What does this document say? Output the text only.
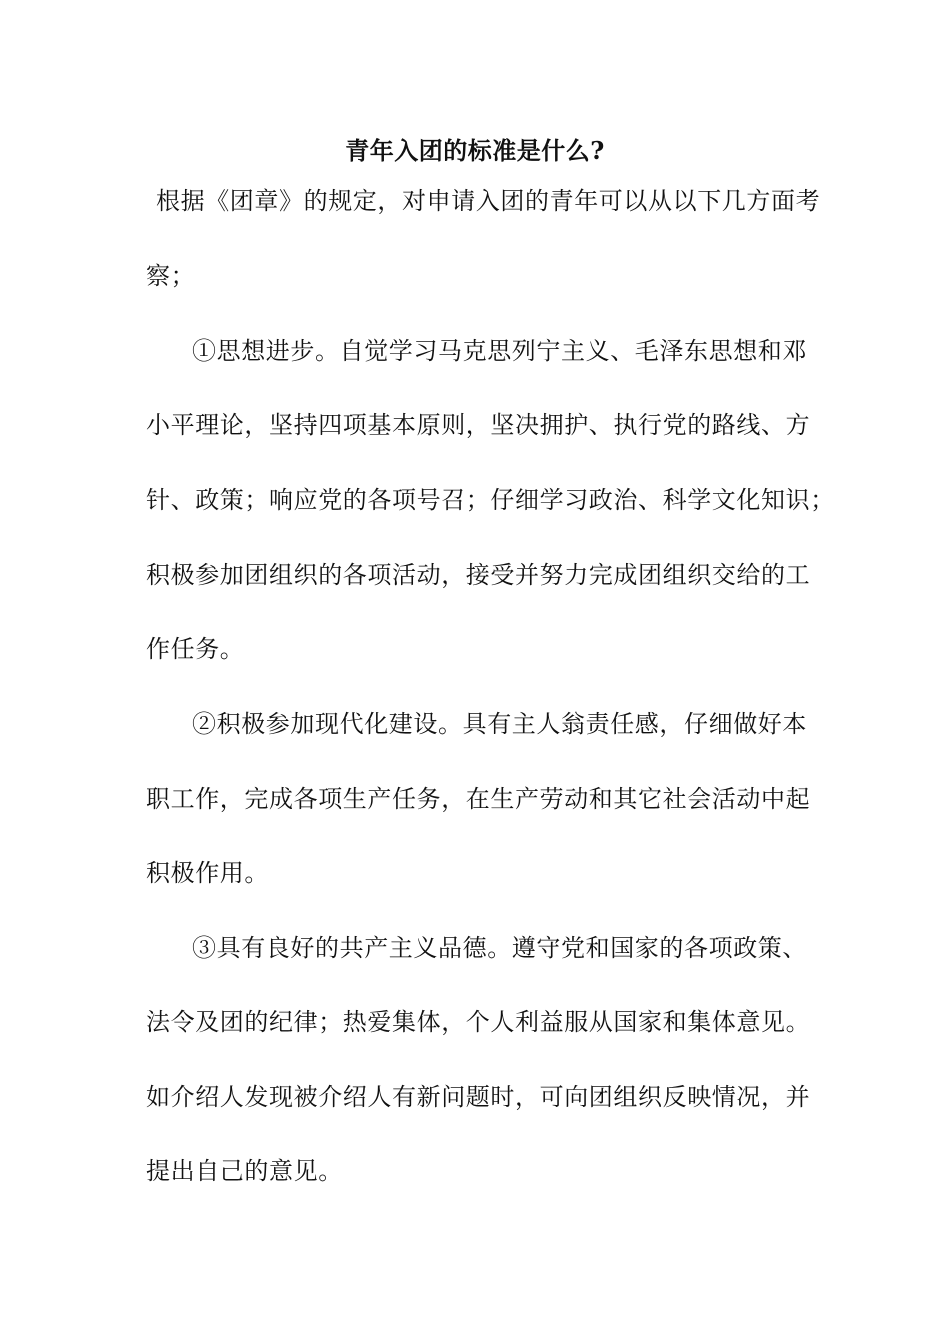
青年入团的标准是什么?
根据《团章》的规定，对申请入团的青年可以从以下几方面考
察；
①思想进步。自觉学习马克思列宁主义、毛泽东思想和邓
小平理论，坚持四项基本原则，坚决拥护、执行党的路线、方
针、政策；响应党的各项号召；仔细学习政治、科学文化知识；
积极参加团组织的各项活动，接受并努力完成团组织交给的工
作任务。
②积极参加现代化建设。具有主人翁责任感，仔细做好本
职工作，完成各项生产任务，在生产劳动和其它社会活动中起
积极作用。
③具有良好的共产主义品德。遵守党和国家的各项政策、
法令及团的纪律；热爱集体，个人利益服从国家和集体意见。
如介绍人发现被介绍人有新问题时，可向团组织反映情况，并
提出自己的意见。
